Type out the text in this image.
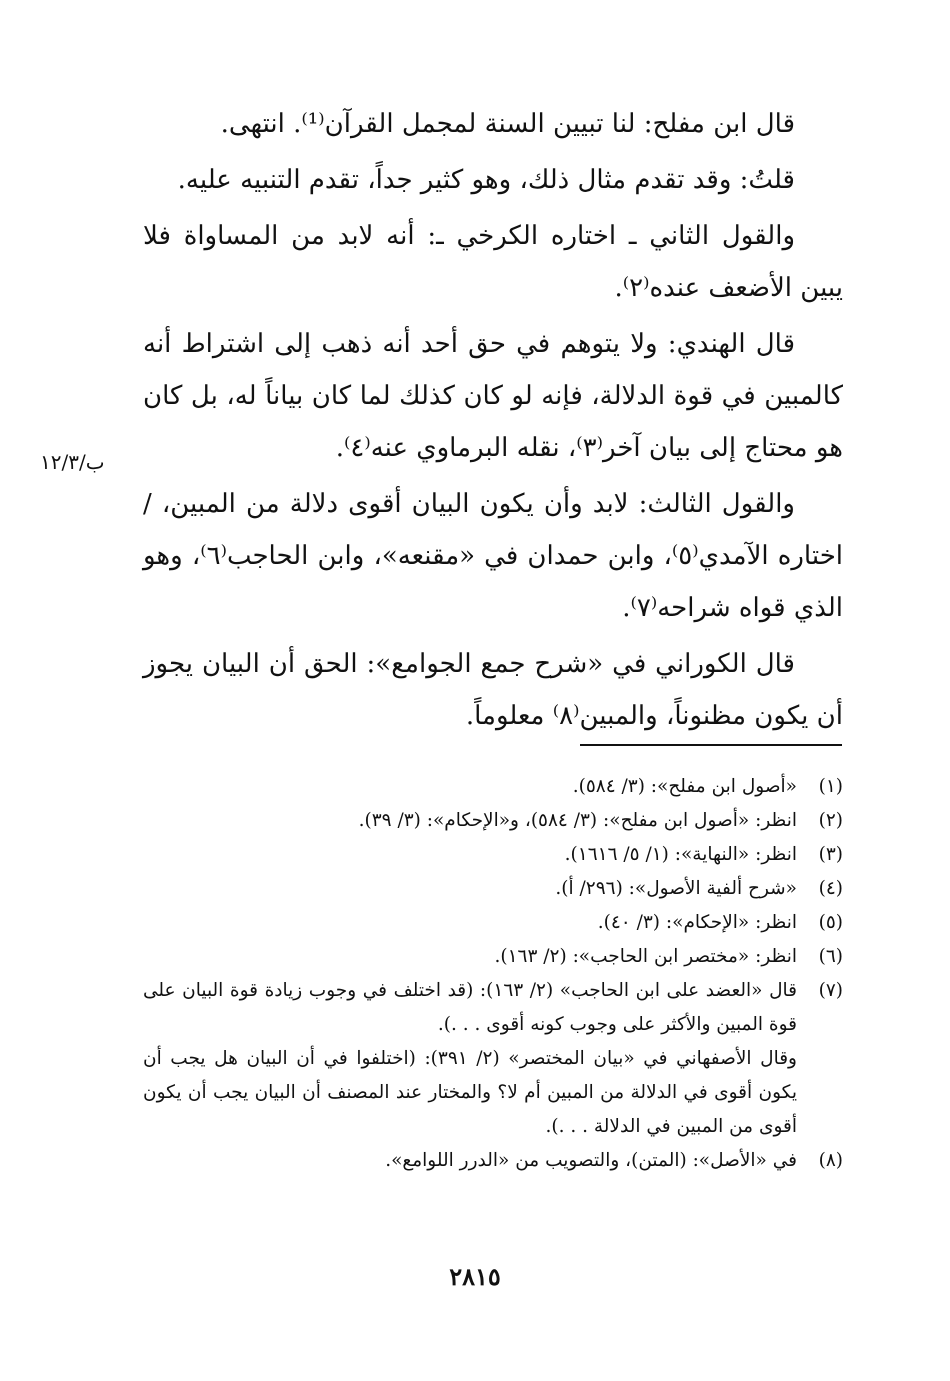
قال ابن مفلح: لنا تبيين السنة لمجمل القرآن⁽¹⁾. انتهى.

قلتُ: وقد تقدم مثال ذلك، وهو كثير جداً، تقدم التنبيه عليه.

والقول الثاني ـ اختاره الكرخي ـ: أنه لابد من المساواة فلا يبين الأضعف عنده⁽٢⁾.

قال الهندي: ولا يتوهم في حق أحد أنه ذهب إلى اشتراط أنه كالمبين في قوة الدلالة، فإنه لو كان كذلك لما كان بياناً له، بل كان هو محتاج إلى بيان آخر⁽٣⁾، نقله البرماوي عنه⁽٤⁾.

والقول الثالث: لابد وأن يكون البيان أقوى دلالة من المبين، / اختاره الآمدي⁽٥⁾، وابن حمدان في «مقنعه»، وابن الحاجب⁽٦⁾، وهو الذي قواه شراحه⁽٧⁾.

قال الكوراني في «شرح جمع الجوامع»: الحق أن البيان يجوز أن يكون مظنوناً، والمبين⁽٨⁾ معلوماً.

ب/١٢/٣
(١)
«أصول ابن مفلح»: (٣/ ٥٨٤).
(٢)
انظر: «أصول ابن مفلح»: (٣/ ٥٨٤)، و«الإحكام»: (٣/ ٣٩).
(٣)
انظر: «النهاية»: (١/ ٥/ ١٦١٦).
(٤)
«شرح ألفية الأصول»: (٢٩٦/ أ).
(٥)
انظر: «الإحكام»: (٣/ ٤٠).
(٦)
انظر: «مختصر ابن الحاجب»: (٢/ ١٦٣).
(٧)
قال «العضد على ابن الحاجب» (٢/ ١٦٣): (قد اختلف في وجوب زيادة قوة البيان على قوة المبين والأكثر على وجوب كونه أقوى . . .).
وقال الأصفهاني في «بيان المختصر» (٢/ ٣٩١): (اختلفوا في أن البيان هل يجب أن يكون أقوى في الدلالة من المبين أم لا؟ والمختار عند المصنف أن البيان يجب أن يكون أقوى من المبين في الدلالة . . .).
(٨)
في «الأصل»: (المتن)، والتصويب من «الدرر اللوامع».
٢٨١٥
